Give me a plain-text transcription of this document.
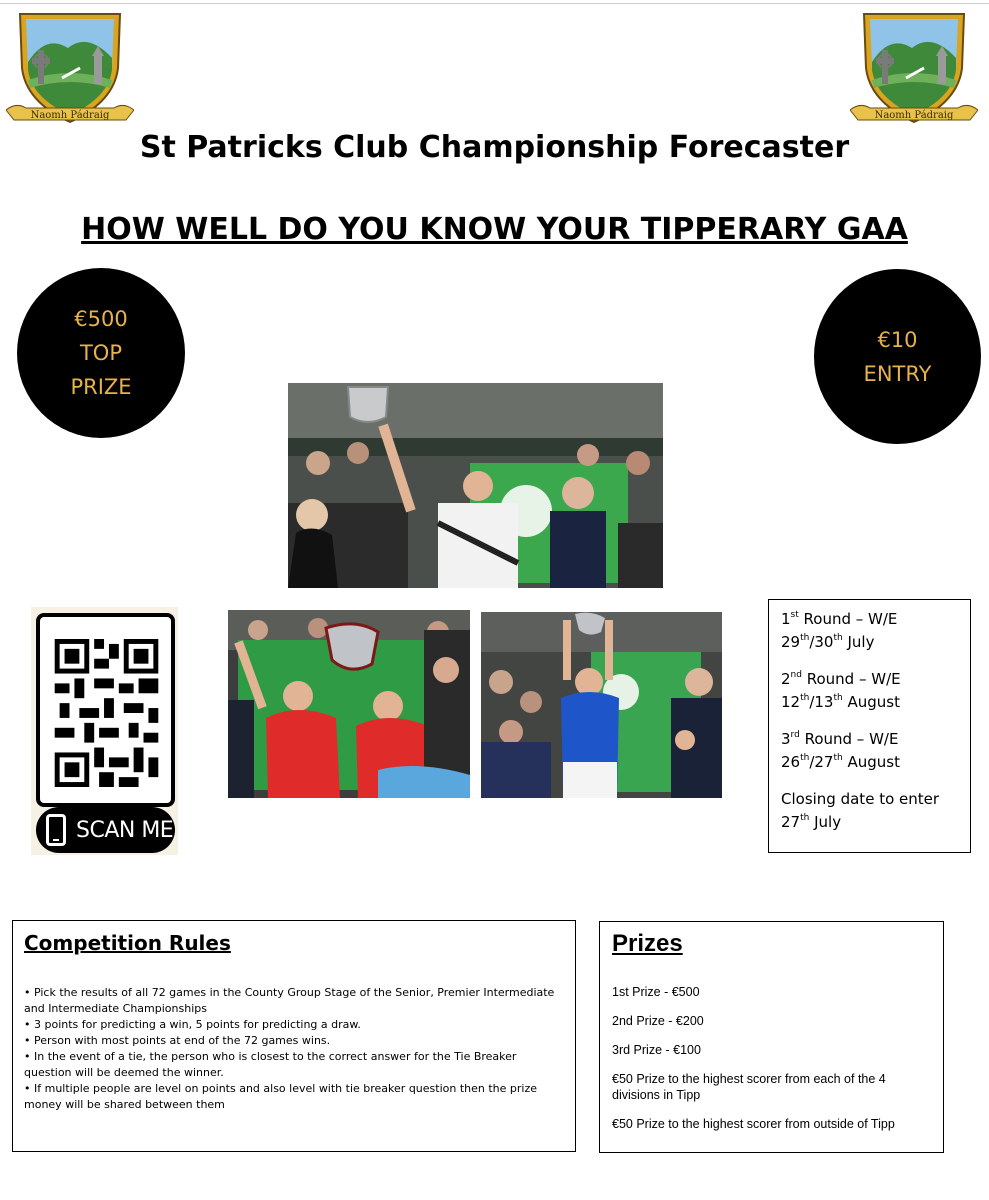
Naomh Pádraig	Naomh Pádraig
St Patricks Club Championship Forecaster
HOW WELL DO YOU KNOW YOUR TIPPERARY GAA
€500
TOP
PRIZE
€10
ENTRY
SCAN ME
1st Round – W/E
29th/30th July
2nd Round – W/E
12th/13th August
3rd Round – W/E
26th/27th August
Closing date to enter
27th July
Competition Rules
• Pick the results of all 72 games in the County Group Stage of the Senior, Premier Intermediate and Intermediate Championships
• 3 points for predicting a win, 5 points for predicting a draw.
• Person with most points at end of the 72 games wins.
• In the event of a tie, the person who is closest to the correct answer for the Tie Breaker question will be deemed the winner.
• If multiple people are level on points and also level with tie breaker question then the prize money will be shared between them
Prizes
1st Prize - €500
2nd Prize - €200
3rd Prize - €100
€50 Prize to the highest scorer from each of the 4 divisions in Tipp
€50 Prize to the highest scorer from outside of Tipp
